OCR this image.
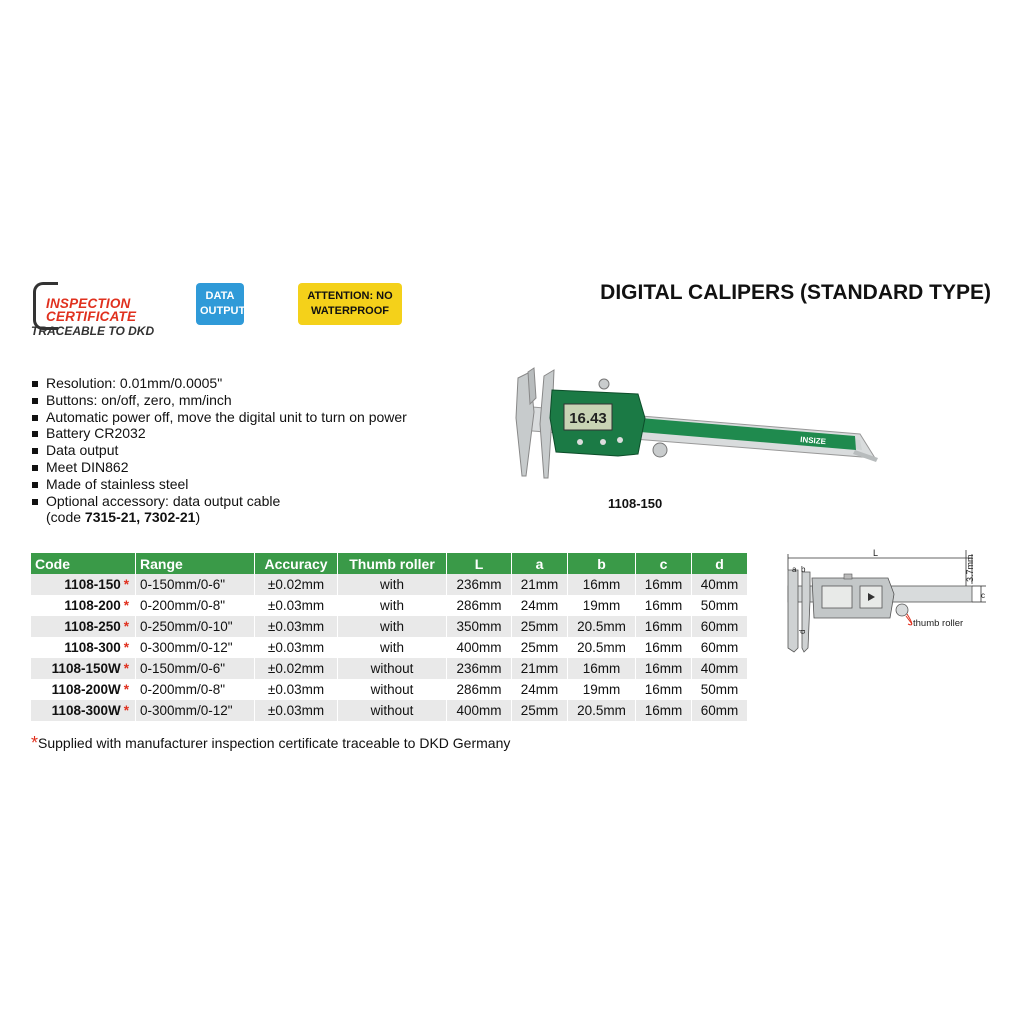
INSPECTION
CERTIFICATE
TRACEABLE TO DKD
DATA OUTPUT
ATTENTION: NO WATERPROOF
DIGITAL CALIPERS (STANDARD TYPE)
Resolution: 0.01mm/0.0005"
Buttons: on/off, zero, mm/inch
Automatic power off, move the digital unit to turn on power
Battery CR2032
Data output
Meet DIN862
Made of stainless steel
Optional accessory: data output cable
(code 7315-21, 7302-21)
16.43
INSIZE
1108-150
Code	Range	Accuracy	Thumb roller	L	a	b	c	d
1108-150 *	0-150mm/0-6"	±0.02mm	with	236mm	21mm	16mm	16mm	40mm
1108-200 *	0-200mm/0-8"	±0.03mm	with	286mm	24mm	19mm	16mm	50mm
1108-250 *	0-250mm/0-10"	±0.03mm	with	350mm	25mm	20.5mm	16mm	60mm
1108-300 *	0-300mm/0-12"	±0.03mm	with	400mm	25mm	20.5mm	16mm	60mm
1108-150W *	0-150mm/0-6"	±0.02mm	without	236mm	21mm	16mm	16mm	40mm
1108-200W *	0-200mm/0-8"	±0.03mm	without	286mm	24mm	19mm	16mm	50mm
1108-300W *	0-300mm/0-12"	±0.03mm	without	400mm	25mm	20.5mm	16mm	60mm
*Supplied with manufacturer inspection certificate traceable to DKD Germany
L
thumb roller
a b
d
3.7mm
c
